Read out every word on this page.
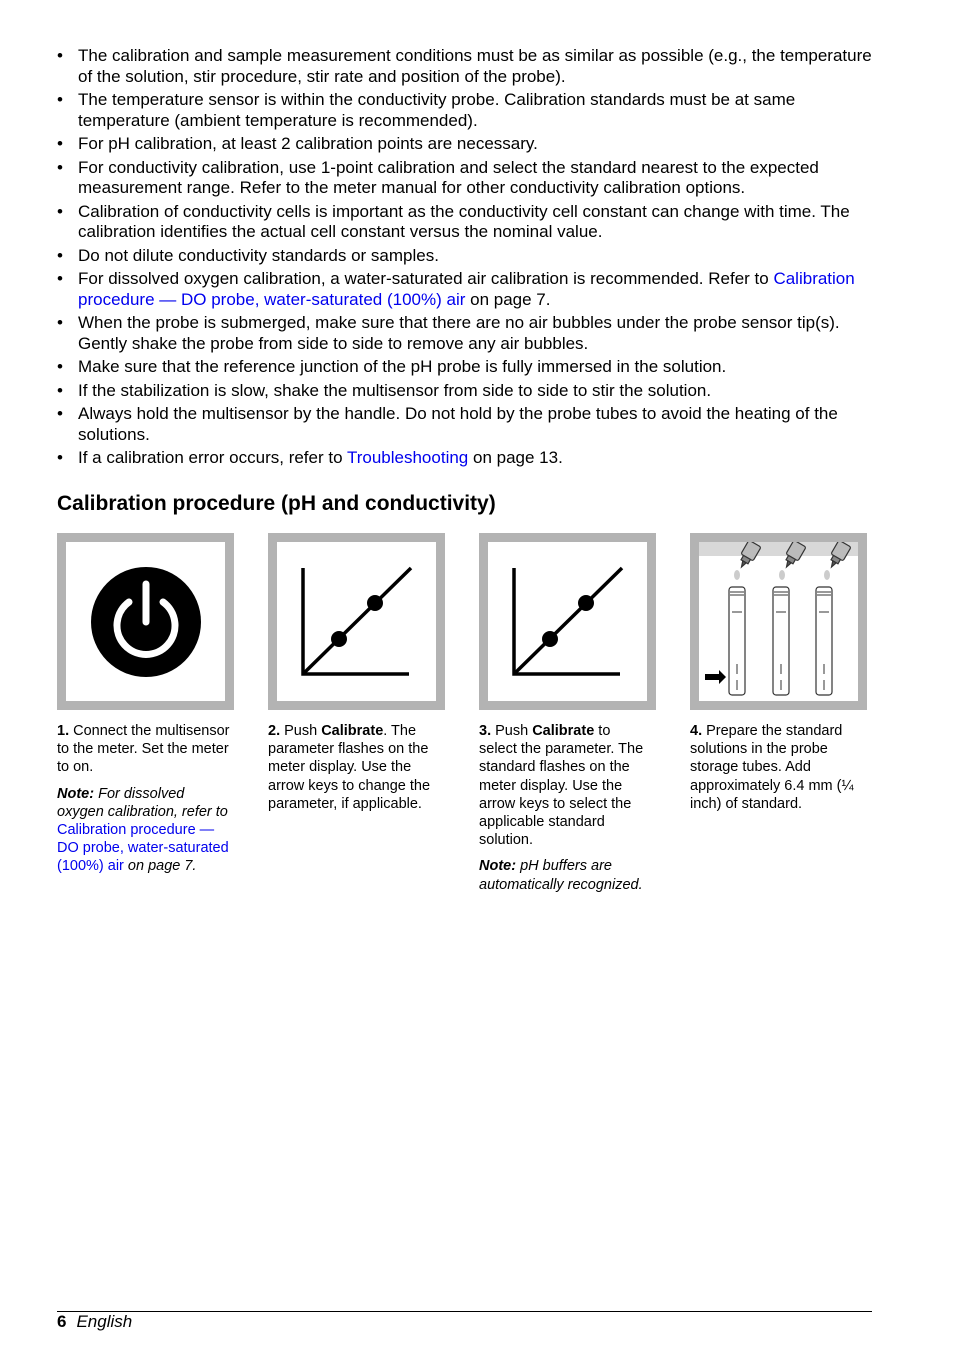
• The calibration and sample measurement conditions must be as similar as possible (e.g., the temperature of the solution, stir procedure, stir rate and position of the probe).
• The temperature sensor is within the conductivity probe. Calibration standards must be at same temperature (ambient temperature is recommended).
• For pH calibration, at least 2 calibration points are necessary.
• For conductivity calibration, use 1-point calibration and select the standard nearest to the expected measurement range. Refer to the meter manual for other conductivity calibration options.
• Calibration of conductivity cells is important as the conductivity cell constant can change with time. The calibration identifies the actual cell constant versus the nominal value.
• Do not dilute conductivity standards or samples.
• For dissolved oxygen calibration, a water-saturated air calibration is recommended. Refer to Calibration procedure — DO probe, water-saturated (100%) air on page 7.
• When the probe is submerged, make sure that there are no air bubbles under the probe sensor tip(s). Gently shake the probe from side to side to remove any air bubbles.
• Make sure that the reference junction of the pH probe is fully immersed in the solution.
• If the stabilization is slow, shake the multisensor from side to side to stir the solution.
• Always hold the multisensor by the handle. Do not hold by the probe tubes to avoid the heating of the solutions.
• If a calibration error occurs, refer to Troubleshooting on page 13.
Calibration procedure (pH and conductivity)

1. Connect the multisensor to the meter. Set the meter to on.

Note: For dissolved oxygen calibration, refer to Calibration procedure — DO probe, water-saturated (100%) air on page 7.

2. Push Calibrate. The parameter flashes on the meter display. Use the arrow keys to change the parameter, if applicable.

3. Push Calibrate to select the parameter. The standard flashes on the meter display. Use the arrow keys to select the applicable standard solution.

Note: pH buffers are automatically recognized.

4. Prepare the standard solutions in the probe storage tubes. Add approximately 6.4 mm (¼ inch) of standard.

6 English
